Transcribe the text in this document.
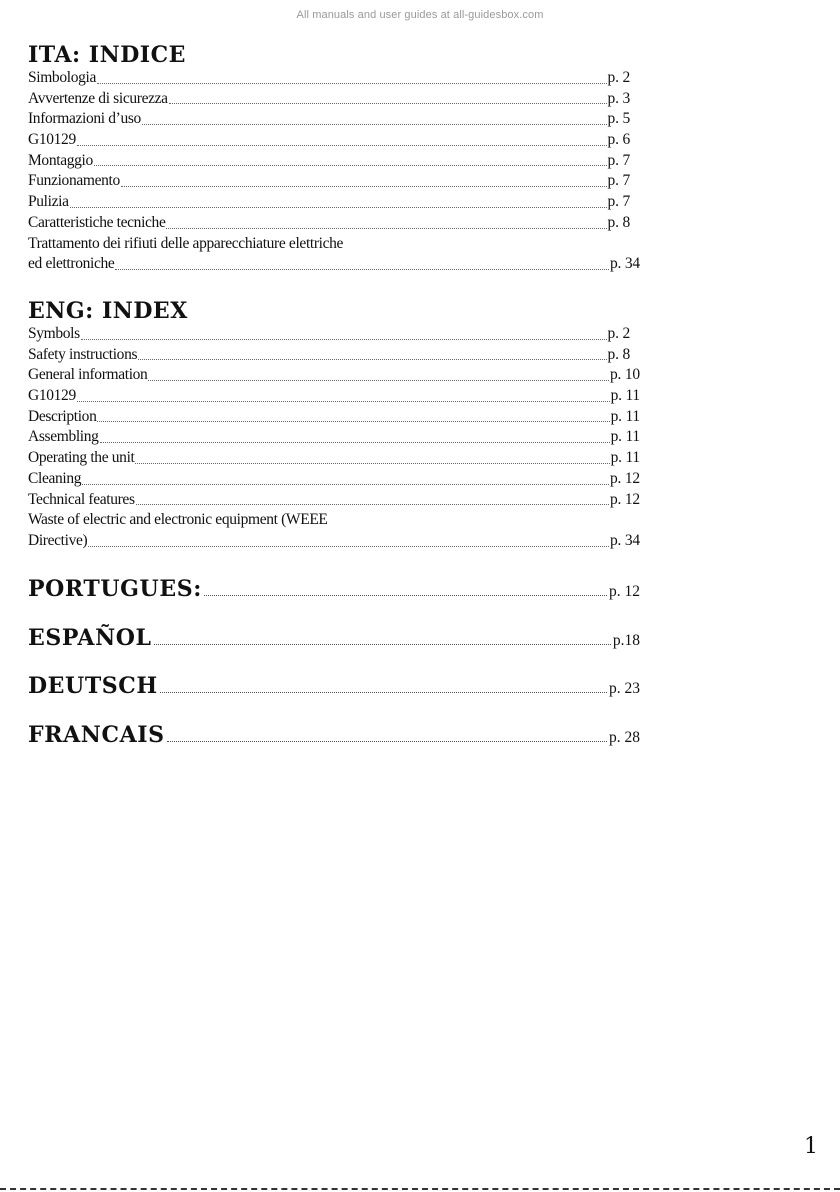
All manuals and user guides at all-guidesbox.com
ITA: INDICE
Simbologia	p. 2
Avvertenze di sicurezza	p. 3
Informazioni d’uso	p. 5
G10129	p. 6
Montaggio	p. 7
Funzionamento	p. 7
Pulizia	p. 7
Caratteristiche tecniche	p. 8
Trattamento dei rifiuti delle apparecchiature elettriche
ed elettroniche	p. 34
ENG: INDEX
Symbols	p. 2
Safety instructions	p. 8
General information	p. 10
G10129	p. 11
Description	p. 11
Assembling	p. 11
Operating the unit	p. 11
Cleaning	p. 12
Technical features	p. 12
Waste of electric and electronic equipment (WEEE
Directive)	p. 34
PORTUGUES:	p. 12
ESPAÑOL	p.18
DEUTSCH	p. 23
FRANCAIS	p. 28
1
